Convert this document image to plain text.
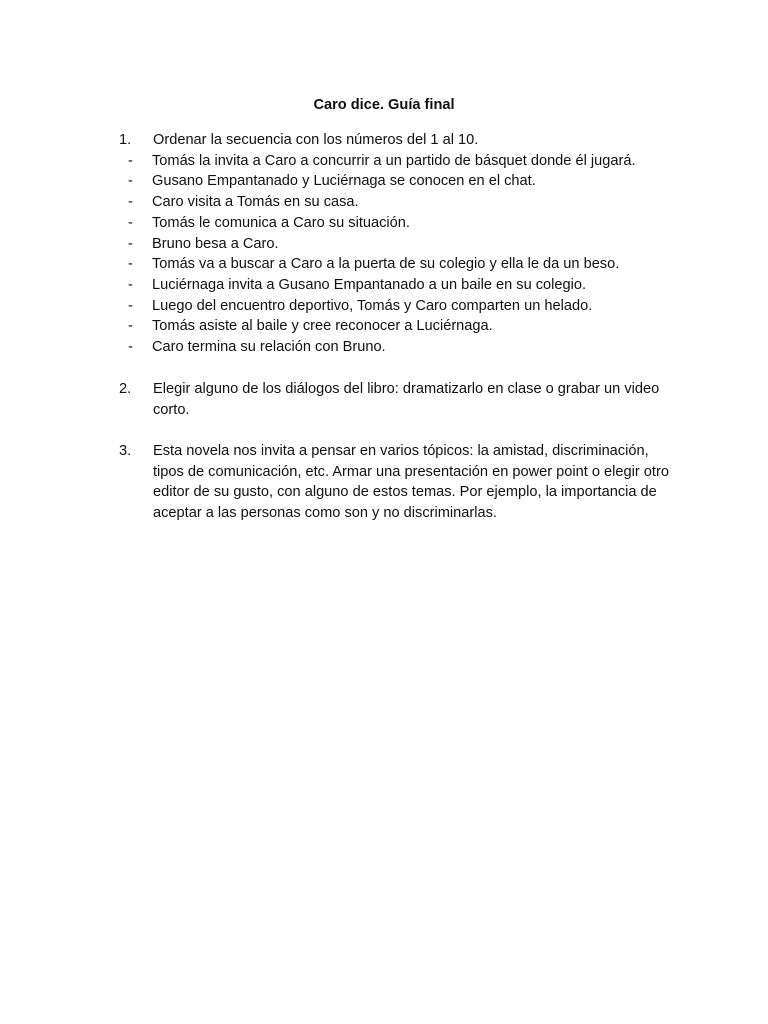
Caro dice. Guía final
1.	Ordenar la secuencia con los números del 1 al 10.
-	Tomás la invita a Caro a concurrir a un partido de básquet donde él jugará.
-	Gusano Empantanado y Luciérnaga se conocen en el chat.
-	Caro visita a Tomás en su casa.
-	Tomás le comunica a Caro su situación.
-	Bruno besa a Caro.
-	Tomás va a buscar a Caro a la puerta de su colegio y ella le da un beso.
-	Luciérnaga invita a Gusano Empantanado a un baile en su colegio.
-	Luego del encuentro deportivo, Tomás y Caro comparten un helado.
-	Tomás asiste al baile y cree reconocer a Luciérnaga.
-	Caro termina su relación con Bruno.
2.	Elegir alguno de los diálogos del libro: dramatizarlo en clase o grabar un video corto.
3.	Esta novela nos invita a pensar en varios tópicos: la amistad, discriminación, tipos de comunicación, etc. Armar una presentación en power point o elegir otro editor de su gusto, con alguno de estos temas. Por ejemplo, la importancia de aceptar a las personas como son y no discriminarlas.
